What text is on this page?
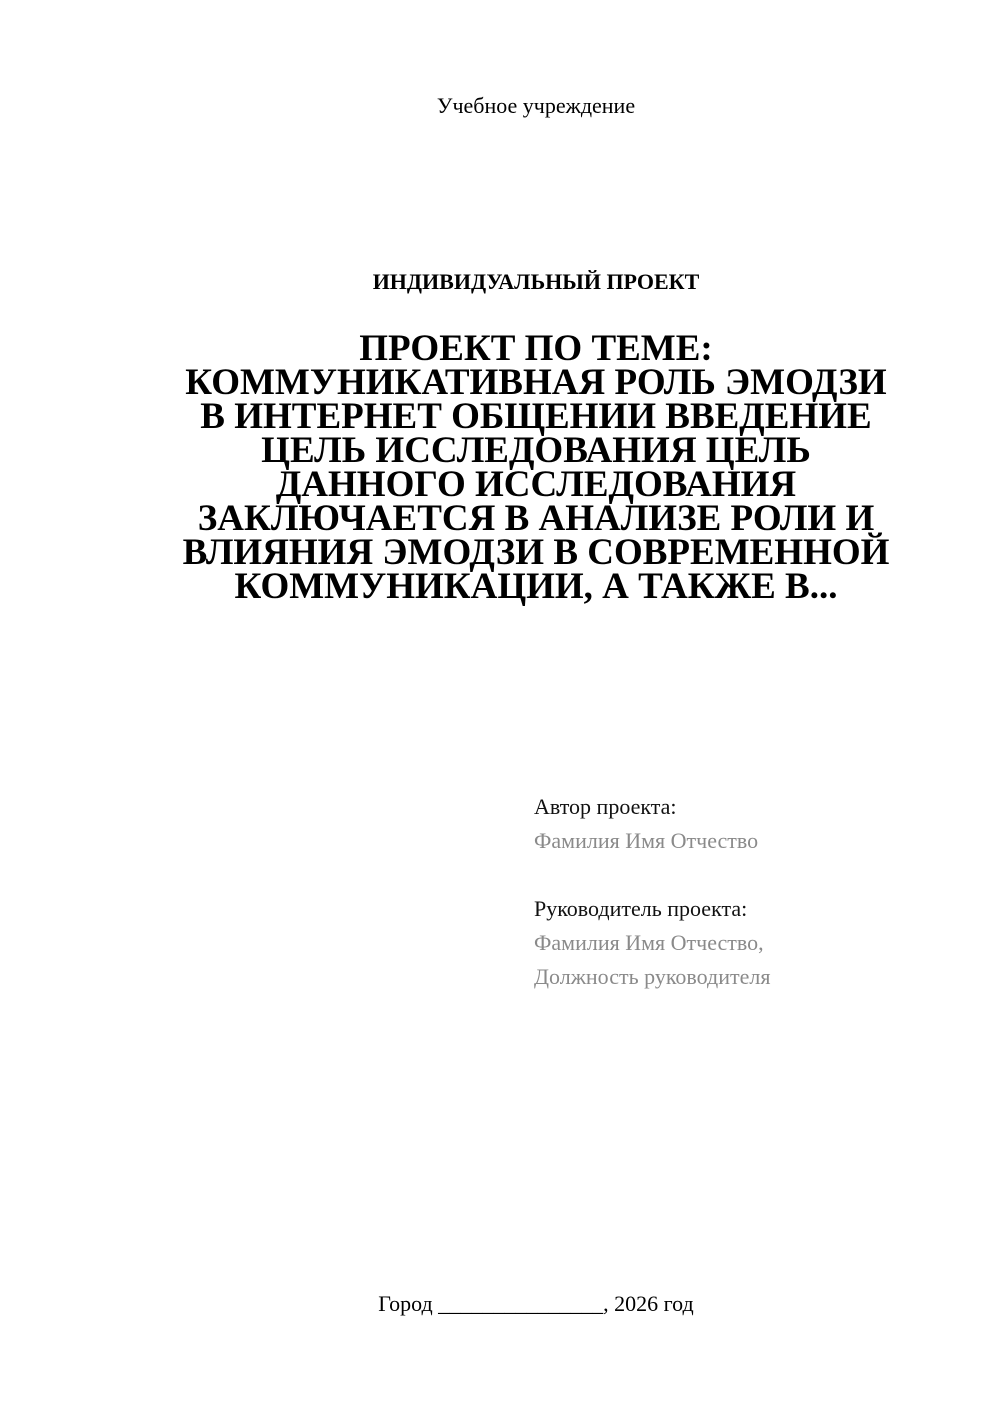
Учебное учреждение
ИНДИВИДУАЛЬНЫЙ ПРОЕКТ
ПРОЕКТ ПО ТЕМЕ:
КОММУНИКАТИВНАЯ РОЛЬ ЭМОДЗИ
В ИНТЕРНЕТ ОБЩЕНИИ ВВЕДЕНИЕ
ЦЕЛЬ ИССЛЕДОВАНИЯ ЦЕЛЬ
ДАННОГО ИССЛЕДОВАНИЯ
ЗАКЛЮЧАЕТСЯ В АНАЛИЗЕ РОЛИ И
ВЛИЯНИЯ ЭМОДЗИ В СОВРЕМЕННОЙ
КОММУНИКАЦИИ, А ТАКЖЕ В...
Автор проекта:
Фамилия Имя Отчество
Руководитель проекта:
Фамилия Имя Отчество,
Должность руководителя
Город _______________, 2026 год
